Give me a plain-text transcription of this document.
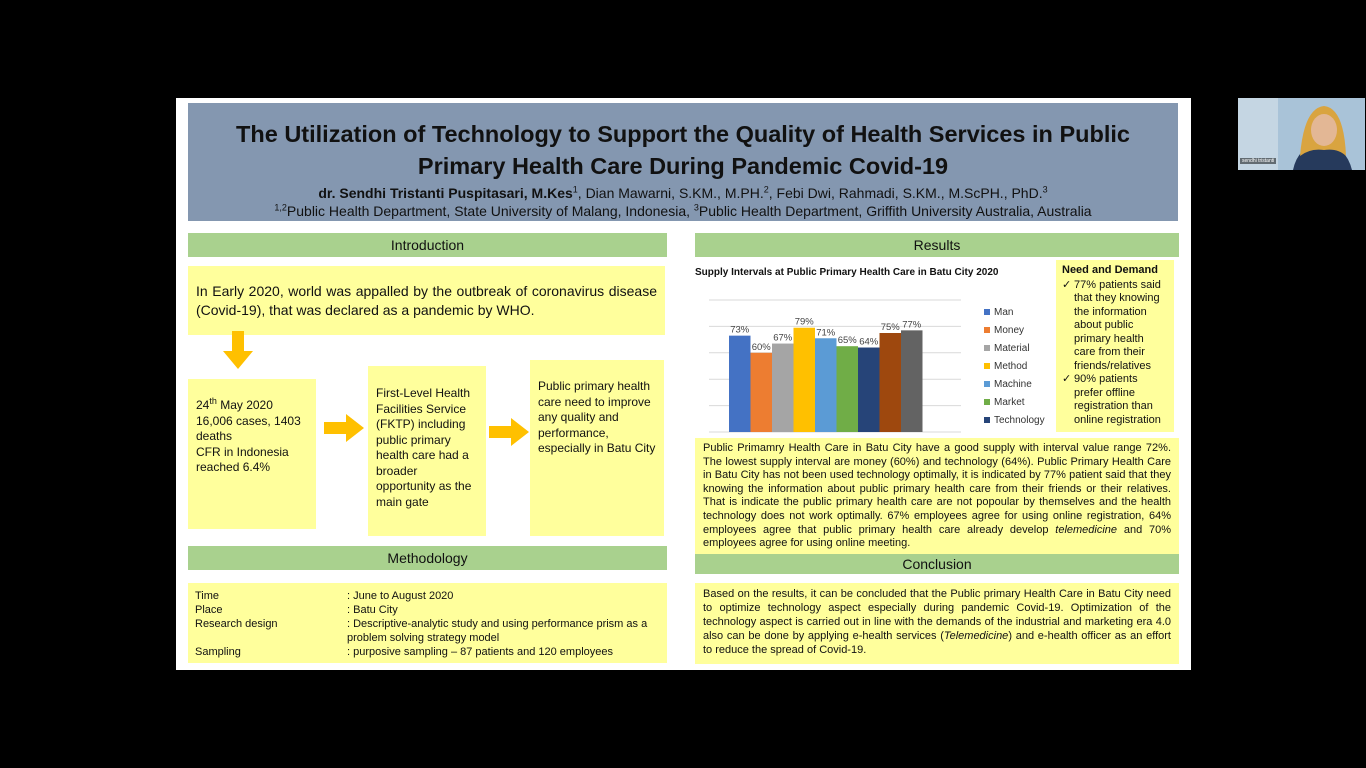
The Utilization of Technology to Support the Quality of Health Services in Public
Primary Health Care During Pandemic Covid-19
dr. Sendhi Tristanti Puspitasari, M.Kes$^1$, Dian Mawarni, S.KM., M.PH.$^2$, Febi Dwi, Rahmadi, S.KM., M.ScPH., PhD.$^3$
$^{1,2}$Public Health Department, State University of Malang, Indonesia, $^3$Public Health Department, Griffith University Australia, Australia
Introduction
In Early 2020, world was appalled by the outbreak of coronavirus disease (Covid-19), that was declared as a pandemic by WHO.
24th May 2020
16,006 cases, 1403 deaths
CFR in Indonesia reached 6.4%
First-Level Health Facilities Service (FKTP) including public primary health care had a broader opportunity as the main gate
Public primary health care need to improve any quality and performance, especially in Batu City
Methodology
Time	: June to August 2020
Place	: Batu City
Research design	: Descriptive-analytic study and using performance prism as a problem solving strategy model
Sampling	: purposive sampling – 87 patients and 120 employees
Results
Supply Intervals at Public Primary Health Care in Batu City 2020
73%
60%
67%
79%
71%
65% 64%
75% 77%
Man
Money
Material
Method
Machine
Market
Technology
Need and Demand
✓ 77% patients said that they knowing the information about public primary health care from their friends/relatives
✓ 90% patients prefer offline registration than online registration
Public Primamry Health Care in Batu City have a good supply with interval value range 72%. The lowest supply interval are money (60%) and technology (64%). Public Primary Health Care in Batu City has not been used technology optimally, it is indicated by 77% patient said that they knowing the information about public primary health care from their friends or their relatives. That is indicate the public primary health care are not popoular by themselves and the health technology does not work optimally. 67% employees agree for using online registration, 64% employees agree that public primary health care already develop telemedicine and 70% employees agree for using online meeting.
Conclusion
Based on the results, it can be concluded that the Public primary Health Care in Batu City need to optimize technology aspect especially during pandemic Covid-19. Optimization of the technology aspect is carried out in line with the demands of the industrial and marketing era 4.0 also can be done by applying e-health services (Telemedicine) and e-health officer as an effort to reduce the spread of Covid-19.
sendhi tristanti
